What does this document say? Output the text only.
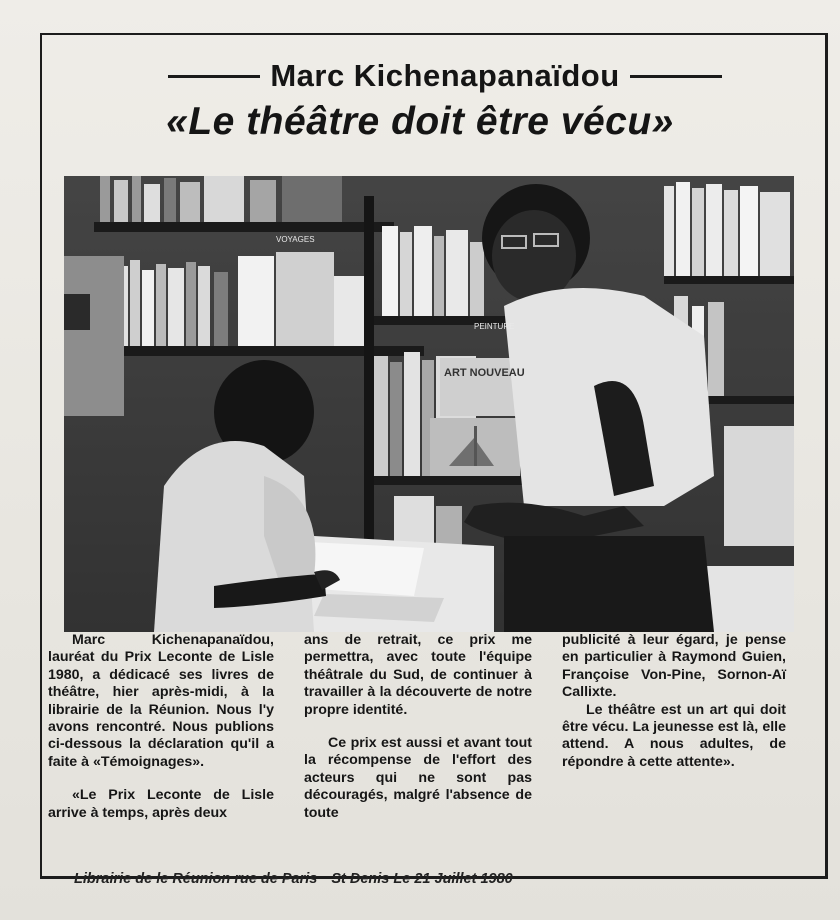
Marc Kichenapanaïdou
«Le théâtre doit être vécu»
VOYAGES
PEINTURE
ART NOUVEAU

Marc Kichenapanaïdou, lauréat du Prix Leconte de Lisle 1980, a dédicacé ses livres de théâtre, hier après-midi, à la librairie de la Réunion. Nous l'y avons rencontré. Nous publions ci-dessous la déclaration qu'il a faite à «Témoignages».

«Le Prix Leconte de Lisle arrive à temps, après deux

ans de retrait, ce prix me permettra, avec toute l'équipe théâtrale du Sud, de continuer à travailler à la découverte de notre propre identité.

Ce prix est aussi et avant tout la récompense de l'effort des acteurs qui ne sont pas découragés, malgré l'absence de toute

publicité à leur égard, je pense en particulier à Raymond Guien, Françoise Von-Pine, Sornon-Aï Callixte.

Le théâtre est un art qui doit être vécu. La jeunesse est là, elle attend. A nous adultes, de répondre à cette attente».

Librairie de le Réunion rue de Paris St Denis Le 21 Juillet 1980
